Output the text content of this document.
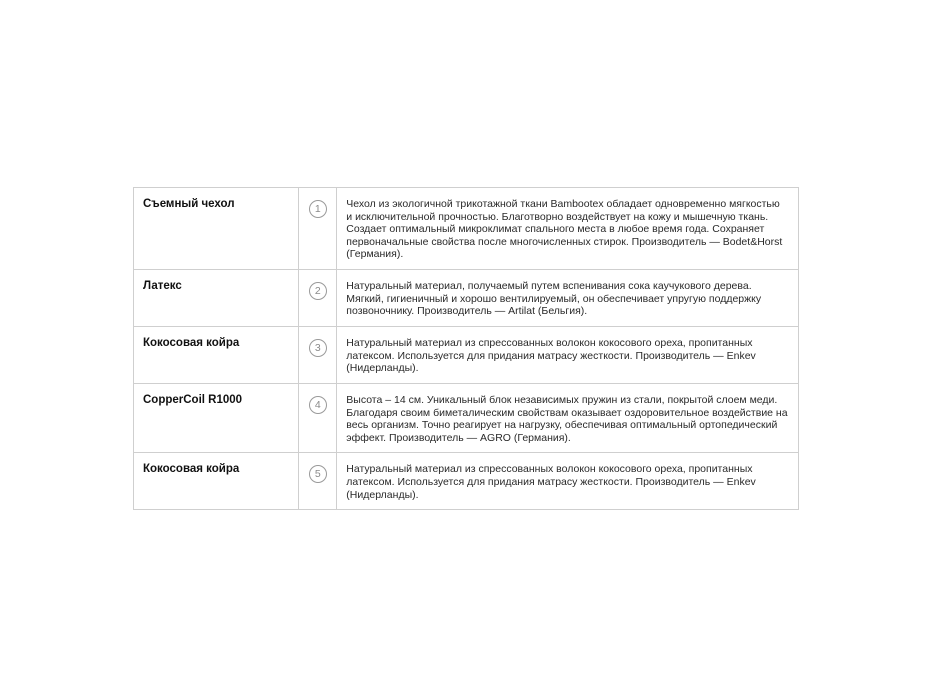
Съемный чехол	1	Чехол из экологичной трикотажной ткани Bambootex обладает одновременно мягкостью и исключительной прочностью. Благотворно воздействует на кожу и мышечную ткань. Создает оптимальный микроклимат спального места в любое время года. Сохраняет первоначальные свойства после многочисленных стирок. Производитель — Bodet&Horst (Германия).
Латекс	2	Натуральный материал, получаемый путем вспенивания сока каучукового дерева. Мягкий, гигиеничный и хорошо вентилируемый, он обеспечивает упругую поддержку позвоночнику. Производитель — Artilat (Бельгия).
Кокосовая койра	3	Натуральный материал из спрессованных волокон кокосового ореха, пропитанных латексом. Используется для придания матрасу жесткости. Производитель — Enkev (Нидерланды).
CopperCoil R1000	4	Высота – 14 см. Уникальный блок независимых пружин из стали, покрытой слоем меди. Благодаря своим биметалическим свойствам оказывает оздоровительное воздействие на весь организм. Точно реагирует на нагрузку, обеспечивая оптимальный ортопедический эффект. Производитель — AGRO (Германия).
Кокосовая койра	5	Натуральный материал из спрессованных волокон кокосового ореха, пропитанных латексом. Используется для придания матрасу жесткости. Производитель — Enkev (Нидерланды).
